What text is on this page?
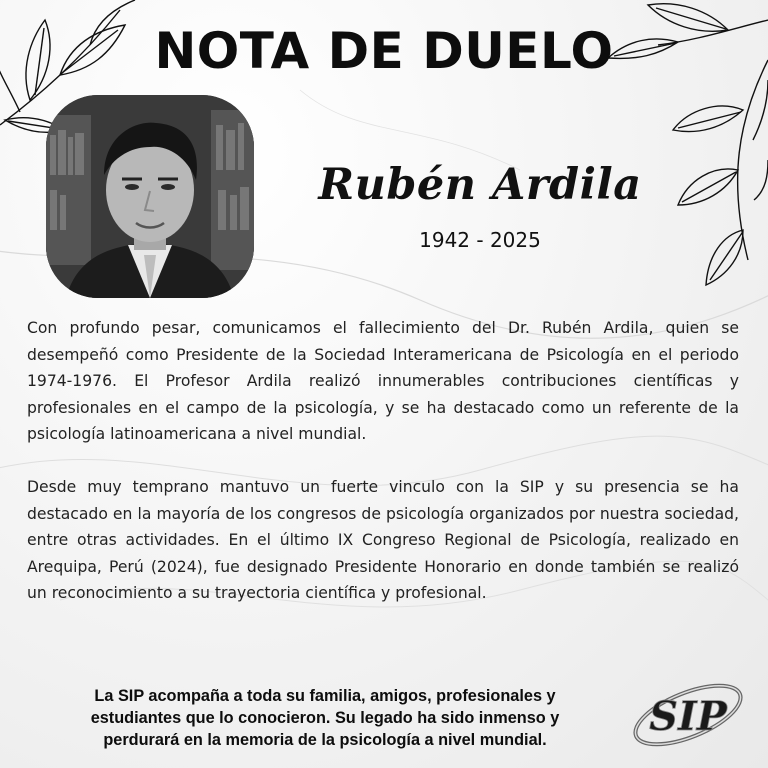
NOTA DE DUELO
Rubén Ardila
1942 - 2025

Con profundo pesar, comunicamos el fallecimiento del Dr. Rubén Ardila, quien se desempeñó como Presidente de la Sociedad Interamericana de Psicología en el periodo 1974-1976. El Profesor Ardila realizó innumerables contribuciones científicas y profesionales en el campo de la psicología, y se ha destacado como un referente de la psicología latinoamericana a nivel mundial.

Desde muy temprano mantuvo un fuerte vinculo con la SIP y su presencia se ha destacado en la mayoría de los congresos de psicología organizados por nuestra sociedad, entre otras actividades. En el último IX Congreso Regional de Psicología, realizado en Arequipa, Perú (2024), fue designado Presidente Honorario en donde también se realizó un reconocimiento a su trayectoria científica y profesional.

La SIP acompaña a toda su familia, amigos, profesionales y
estudiantes que lo conocieron. Su legado ha sido inmenso y
perdurará en la memoria de la psicología a nivel mundial.	SIP
